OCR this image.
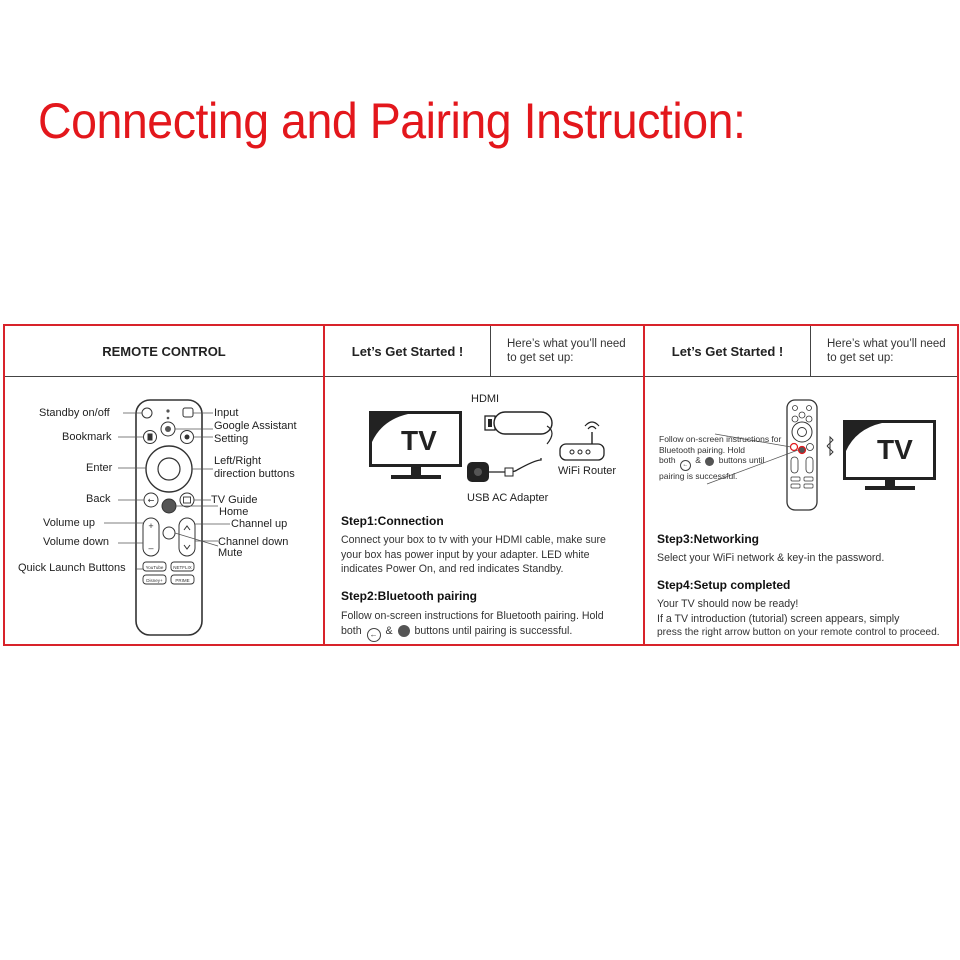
Connecting and Pairing Instruction:
REMOTE CONTROL
←
+
–
YouTube NETFLIX
Disney+	PRIME
Standby on/off
Bookmark
Enter
Back
Volume up
Volume down
Quick Launch Buttons
Input
Google Assistant
Setting
Left/Right
direction buttons
TV Guide
Home
Channel up
Channel down
Mute
Let’s Get Started !	Here’s what you’ll need
to get set up:
TV
HDMI
WiFi Router
USB AC Adapter
Step1:Connection
Connect your box to tv with your HDMI cable, make sure
your box has power input by your adapter. LED white
indicates Power On, and red indicates Standby.
Step2:Bluetooth pairing
Follow on-screen instructions for Bluetooth pairing. Hold
both ← & buttons until pairing is successful.
Let’s Get Started !	Here’s what you’ll need
to get set up:
Follow on-screen instructions for
Bluetooth pairing. Hold
both ← & buttons until
pairing is successful.
TV
Step3:Networking
Select your WiFi network & key-in the password.
Step4:Setup completed
Your TV should now be ready!
If a TV introduction (tutorial) screen appears, simply
press the right arrow button on your remote control to proceed.
